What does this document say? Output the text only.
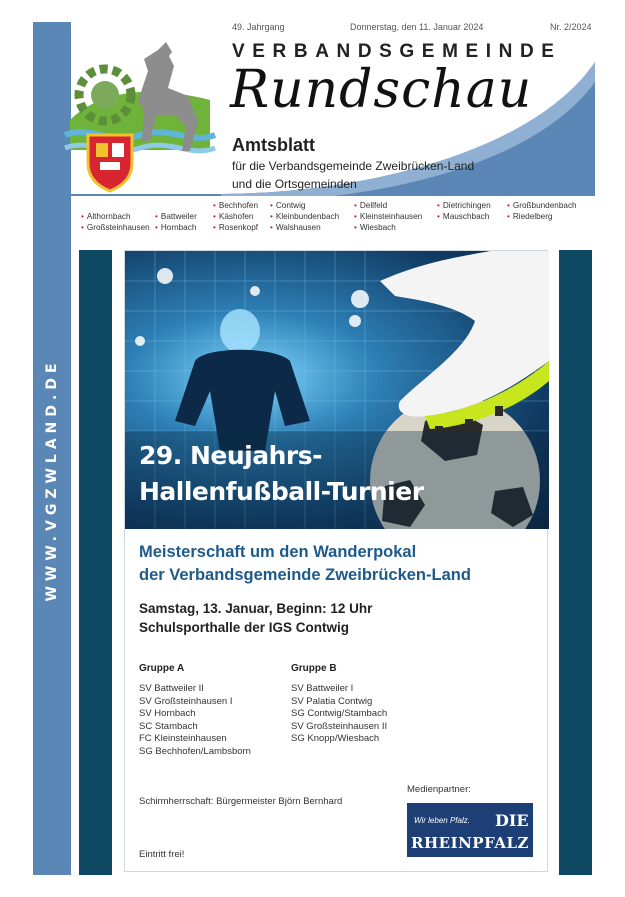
WWW.VGZWLAND.DE
49. Jahrgang	Donnerstag, den 11. Januar 2024	Nr. 2/2024
VERBANDSGEMEINDE
Rundschau
Amtsblatt
für die Verbandsgemeinde Zweibrücken-Land
und die Ortsgemeinden
• Althornbach
• Großsteinhausen
• Battweiler
• Hornbach
• Bechhofen
• Käshofen
• Rosenkopf
• Contwig
• Kleinbundenbach
• Walshausen
• Dellfeld
• Kleinsteinhausen
• Wiesbach
• Dietrichingen
• Mauschbach
• Großbundenbach
• Riedelberg
29. Neujahrs-
Hallenfußball-Turnier
Meisterschaft um den Wanderpokal
der Verbandsgemeinde Zweibrücken-Land
Samstag, 13. Januar, Beginn: 12 Uhr
Schulsporthalle der IGS Contwig
Gruppe A
SV Battweiler II
SV Großsteinhausen I
SV Hornbach
SC Stambach
FC Kleinsteinhausen
SG Bechhofen/Lambsborn
Gruppe B
SV Battweiler I
SV Palatia Contwig
SG Contwig/Stambach
SV Großsteinhausen II
SG Knopp/Wiesbach
Schirmherrschaft: Bürgermeister Björn Bernhard
Medienpartner:
Wir leben Pfalz. DIE
RHEINPFALZ
Eintritt frei!
